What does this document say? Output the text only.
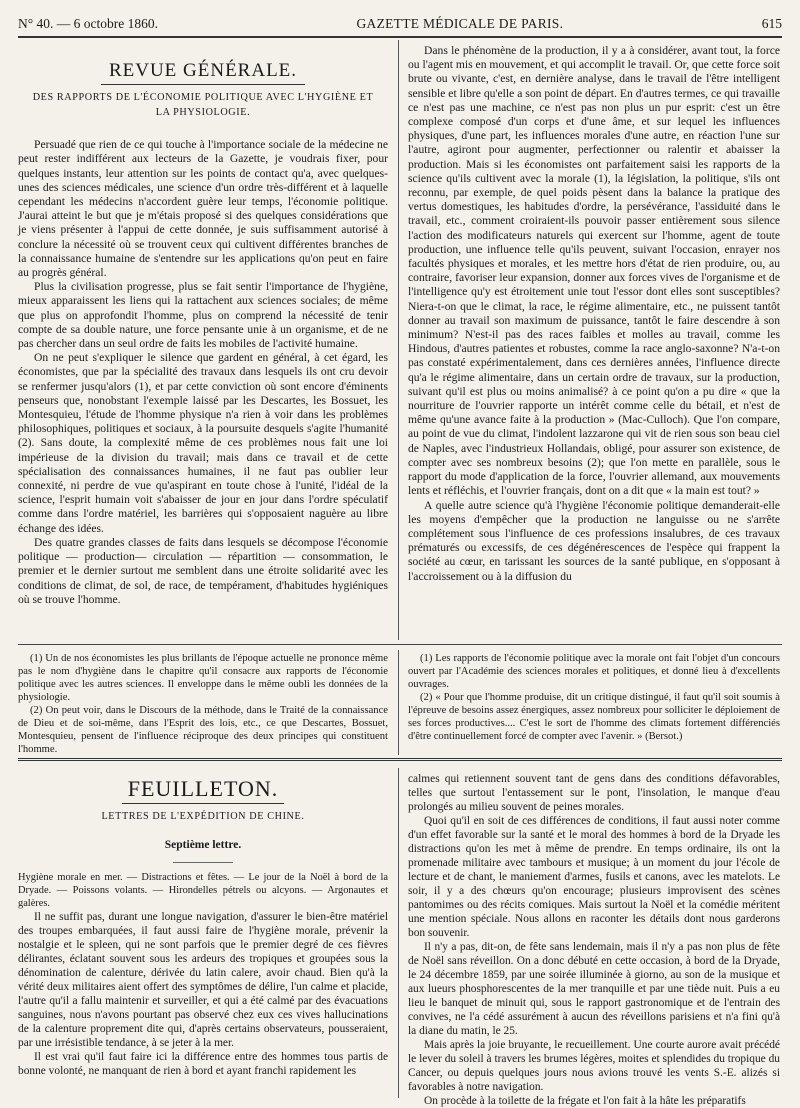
N° 40. — 6 octobre 1860.	GAZETTE MÉDICALE DE PARIS.	615
REVUE GÉNÉRALE.
DES RAPPORTS DE L'ÉCONOMIE POLITIQUE AVEC L'HYGIÈNE ET
LA PHYSIOLOGIE.

Persuadé que rien de ce qui touche à l'importance sociale de la médecine ne peut rester indifférent aux lecteurs de la Gazette, je voudrais fixer, pour quelques instants, leur attention sur les points de contact qu'a, avec quelques-unes des sciences médicales, une science d'un ordre très-différent et à laquelle cependant les médecins n'accordent guère leur temps, l'économie politique. J'aurai atteint le but que je m'étais proposé si des quelques considérations que je viens présenter à l'appui de cette donnée, je suis suffisamment autorisé à conclure la nécessité où se trouvent ceux qui cultivent différentes branches de la connaissance humaine de s'entendre sur les applications qu'on peut en faire au progrès général.

Plus la civilisation progresse, plus se fait sentir l'importance de l'hygiène, mieux apparaissent les liens qui la rattachent aux sciences sociales; de même que plus on approfondit l'homme, plus on comprend la nécessité de tenir compte de sa double nature, une force pensante unie à un organisme, et de ne pas chercher dans un seul ordre de faits les mobiles de l'activité humaine.

On ne peut s'expliquer le silence que gardent en général, à cet égard, les économistes, que par la spécialité des travaux dans lesquels ils ont cru devoir se renfermer jusqu'alors (1), et par cette conviction où sont encore d'éminents penseurs que, nonobstant l'exemple laissé par les Descartes, les Bossuet, les Montesquieu, l'étude de l'homme physique n'a rien à voir dans les problèmes philosophiques, politiques et sociaux, à la poursuite desquels s'agite l'humanité (2). Sans doute, la complexité même de ces problèmes nous fait une loi impérieuse de la division du travail; mais dans ce travail et de cette spécialisation des connaissances humaines, il ne faut pas oublier leur connexité, ni perdre de vue qu'aspirant en toute chose à l'unité, l'idéal de la science, l'esprit humain voit s'abaisser de jour en jour dans l'ordre spéculatif comme dans l'ordre matériel, les barrières qui s'opposaient naguère au libre échange des idées.

Des quatre grandes classes de faits dans lesquels se décompose l'économie politique — production— circulation — répartition — consommation, le premier et le dernier surtout me semblent dans une étroite solidarité avec les conditions de climat, de sol, de race, de tempérament, d'habitudes hygiéniques où se trouve l'homme.

Dans le phénomène de la production, il y a à considérer, avant tout, la force ou l'agent mis en mouvement, et qui accomplit le travail. Or, que cette force soit brute ou vivante, c'est, en dernière analyse, dans le travail de l'être intelligent sensible et libre qu'elle a son point de départ. En d'autres termes, ce qui travaille ce n'est pas une machine, ce n'est pas non plus un pur esprit: c'est un être complexe composé d'un corps et d'une âme, et sur lequel les influences physiques, d'une part, les influences morales d'une autre, en réaction l'une sur l'autre, agiront pour augmenter, perfectionner ou ralentir et abaisser la production. Mais si les économistes ont parfaitement saisi les rapports de la science qu'ils cultivent avec la morale (1), la législation, la politique, s'ils ont reconnu, par exemple, de quel poids pèsent dans la balance la pratique des vertus domestiques, les habitudes d'ordre, la persévérance, l'assiduité dans le travail, etc., comment croiraient-ils pouvoir passer entièrement sous silence l'action des modificateurs naturels qui exercent sur l'homme, agent de toute production, une influence telle qu'ils peuvent, suivant l'occasion, enrayer nos facultés physiques et morales, et les mettre hors d'état de rien produire, ou, au contraire, favoriser leur expansion, donner aux forces vives de l'organisme et de l'intelligence qu'y est étroitement unie tout l'essor dont elles sont susceptibles? Niera-t-on que le climat, la race, le régime alimentaire, etc., ne puissent tantôt donner au travail son maximum de puissance, tantôt le faire descendre à son minimum? N'est-il pas des races faibles et molles au travail, comme les Hindous, d'autres patientes et robustes, comme la race anglo-saxonne? N'a-t-on pas constaté expérimentalement, dans ces dernières années, l'influence directe qu'a le régime alimentaire, dans un certain ordre de travaux, sur la production, suivant qu'il est plus ou moins animalisé? à ce point qu'on a pu dire « que la nourriture de l'ouvrier rapporte un intérêt comme celle du bétail, et n'est de même qu'une avance faite à la production » (Mac-Culloch). Que l'on compare, au point de vue du climat, l'indolent lazzarone qui vit de rien sous son beau ciel de Naples, avec l'industrieux Hollandais, obligé, pour assurer son existence, de compter avec ses nombreux besoins (2); que l'on mette en parallèle, sous le rapport du mode d'application de la force, l'ouvrier allemand, aux mouvements lents et réfléchis, et l'ouvrier français, dont on a dit que « la main est tout? »

A quelle autre science qu'à l'hygiène l'économie politique demanderait-elle les moyens d'empêcher que la production ne languisse ou ne s'arrête complétement sous l'influence de ces professions insalubres, de ces travaux prématurés ou excessifs, de ces dégénérescences de l'espèce qui frappent la société au cœur, en tarissant les sources de la santé publique, en s'opposant à l'accroissement ou à la diffusion du

(1) Un de nos économistes les plus brillants de l'époque actuelle ne prononce même pas le nom d'hygiène dans le chapitre qu'il consacre aux rapports de l'économie politique avec les autres sciences. Il enveloppe dans le même oubli les données de la physiologie.

(2) On peut voir, dans le Discours de la méthode, dans le Traité de la connaissance de Dieu et de soi-même, dans l'Esprit des lois, etc., ce que Descartes, Bossuet, Montesquieu, pensent de l'influence réciproque des deux principes qui constituent l'homme.

(1) Les rapports de l'économie politique avec la morale ont fait l'objet d'un concours ouvert par l'Académie des sciences morales et politiques, et donné lieu à d'excellents ouvrages.

(2) « Pour que l'homme produise, dit un critique distingué, il faut qu'il soit soumis à l'épreuve de besoins assez énergiques, assez nombreux pour solliciter le déploiement de ses forces productives.... C'est le sort de l'homme des climats fortement différenciés d'être continuellement forcé de compter avec l'avenir. » (Bersot.)

FEUILLETON.
LETTRES DE L'EXPÉDITION DE CHINE.
Septième lettre.

Hygiène morale en mer. — Distractions et fêtes. — Le jour de la Noël à bord de la Dryade. — Poissons volants. — Hirondelles pétrels ou alcyons. — Argonautes et galères.

Il ne suffit pas, durant une longue navigation, d'assurer le bien-être matériel des troupes embarquées, il faut aussi faire de l'hygiène morale, prévenir la nostalgie et le spleen, qui ne sont parfois que le premier degré de ces fièvres délirantes, éclatant souvent sous les ardeurs des tropiques et groupées sous la dénomination de calenture, dérivée du latin calere, avoir chaud. Bien qu'à la vérité deux militaires aient offert des symptômes de délire, l'un calme et placide, l'autre qu'il a fallu maintenir et surveiller, et qui a été calmé par des évacuations sanguines, nous n'avons pourtant pas observé chez eux ces vives hallucinations de la calenture proprement dite qui, d'après certains observateurs, pousseraient, par une irrésistible tendance, à se jeter à la mer.

Il est vrai qu'il faut faire ici la différence entre des hommes tous partis de bonne volonté, ne manquant de rien à bord et ayant franchi rapidement les

calmes qui retiennent souvent tant de gens dans des conditions défavorables, telles que surtout l'entassement sur le pont, l'insolation, le manque d'eau prolongés au milieu souvent de peines morales.

Quoi qu'il en soit de ces différences de conditions, il faut aussi noter comme d'un effet favorable sur la santé et le moral des hommes à bord de la Dryade les distractions qu'on les met à même de prendre. En temps ordinaire, ils ont la promenade militaire avec tambours et musique; à un moment du jour l'école de lecture et de chant, le maniement d'armes, fusils et canons, avec les matelots. Le soir, il y a des chœurs qu'on encourage; plusieurs improvisent des scènes pantomimes ou des récits comiques. Mais surtout la Noël et la comédie méritent une mention spéciale. Nous allons en raconter les détails dont nous garderons bon souvenir.

Il n'y a pas, dit-on, de fête sans lendemain, mais il n'y a pas non plus de fête de Noël sans réveillon. On a donc débuté en cette occasion, à bord de la Dryade, le 24 décembre 1859, par une soirée illuminée à giorno, au son de la musique et aux lueurs phosphorescentes de la mer tranquille et par une tiède nuit. Puis a eu lieu le banquet de minuit qui, sous le rapport gastronomique et de l'entrain des convives, ne l'a cédé assurément à aucun des réveillons parisiens et n'a fini qu'à la diane du matin, le 25.

Mais après la joie bruyante, le recueillement. Une courte aurore avait précédé le lever du soleil à travers les brumes légères, moites et splendides du tropique du Cancer, ou depuis quelques jours nous avions trouvé les vents S.-E. alizés si favorables à notre navigation.

On procède à la toilette de la frégate et l'on fait à la hâte les préparatifs
